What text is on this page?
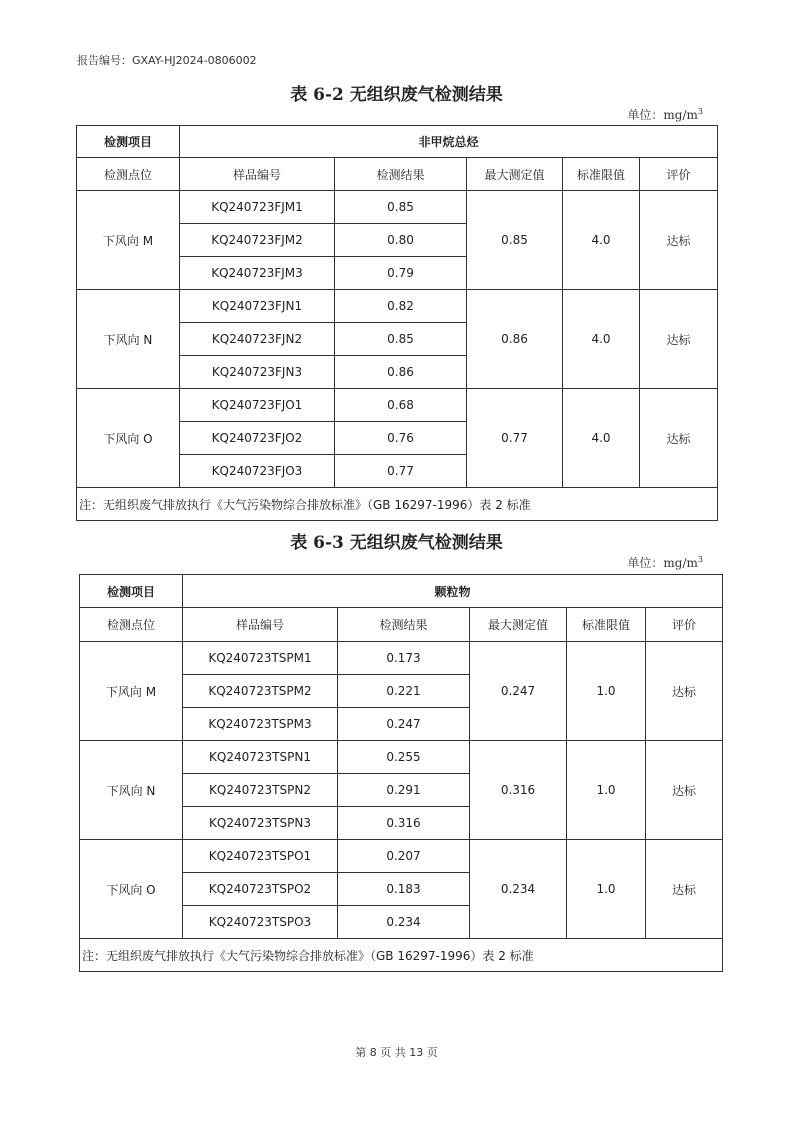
报告编号：GXAY-HJ2024-0806002
表 6-2 无组织废气检测结果
单位：$mg/m^3$
检测项目	非甲烷总烃				
检测点位	样品编号	检测结果	最大测定值	标准限值	评价
下风向 M	KQ240723FJM1	0.85	0.85	4.0	达标
	KQ240723FJM2	0.80			
	KQ240723FJM3	0.79			
下风向 N	KQ240723FJN1	0.82	0.86	4.0	达标
	KQ240723FJN2	0.85			
	KQ240723FJN3	0.86			
下风向 O	KQ240723FJO1	0.68	0.77	4.0	达标
	KQ240723FJO2	0.76			
	KQ240723FJO3	0.77			
注：无组织废气排放执行《大气污染物综合排放标准》（GB 16297-1996）表 2 标准					
表 6-3 无组织废气检测结果
单位：$mg/m^3$
检测项目	颗粒物				
检测点位	样品编号	检测结果	最大测定值	标准限值	评价
下风向 M	KQ240723TSPM1	0.173	0.247	1.0	达标
	KQ240723TSPM2	0.221			
	KQ240723TSPM3	0.247			
下风向 N	KQ240723TSPN1	0.255	0.316	1.0	达标
	KQ240723TSPN2	0.291			
	KQ240723TSPN3	0.316			
下风向 O	KQ240723TSPO1	0.207	0.234	1.0	达标
	KQ240723TSPO2	0.183			
	KQ240723TSPO3	0.234			
注：无组织废气排放执行《大气污染物综合排放标准》（GB 16297-1996）表 2 标准					
第 8 页 共 13 页
